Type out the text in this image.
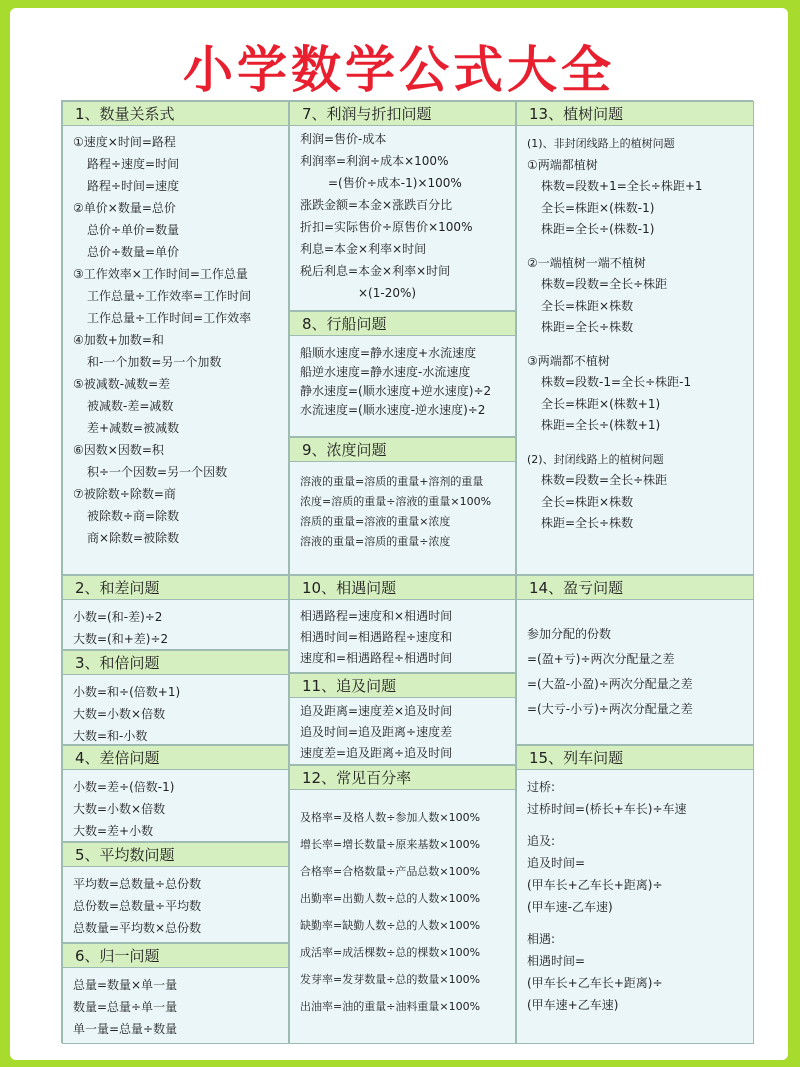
小学数学公式大全
1、数量关系式
①速度×时间=路程
路程÷速度=时间
路程÷时间=速度
②单价×数量=总价
总价÷单价=数量
总价÷数量=单价
③工作效率×工作时间=工作总量
工作总量÷工作效率=工作时间
工作总量÷工作时间=工作效率
④加数+加数=和
和-一个加数=另一个加数
⑤被减数-减数=差
被减数-差=减数
差+减数=被减数
⑥因数×因数=积
积÷一个因数=另一个因数
⑦被除数÷除数=商
被除数÷商=除数
商×除数=被除数
2、和差问题
小数=(和-差)÷2
大数=(和+差)÷2
3、和倍问题
小数=和÷(倍数+1)
大数=小数×倍数
大数=和-小数
4、差倍问题
小数=差÷(倍数-1)
大数=小数×倍数
大数=差+小数
5、平均数问题
平均数=总数量÷总份数
总份数=总数量÷平均数
总数量=平均数×总份数
6、归一问题
总量=数量×单一量
数量=总量÷单一量
单一量=总量÷数量
7、利润与折扣问题
利润=售价-成本
利润率=利润÷成本×100%
=(售价÷成本-1)×100%
涨跌金额=本金×涨跌百分比
折扣=实际售价÷原售价×100%
利息=本金×利率×时间
税后利息=本金×利率×时间
×(1-20%)
8、行船问题
船顺水速度=静水速度+水流速度
船逆水速度=静水速度-水流速度
静水速度=(顺水速度+逆水速度)÷2
水流速度=(顺水速度-逆水速度)÷2
9、浓度问题
溶液的重量=溶质的重量+溶剂的重量
浓度=溶质的重量÷溶液的重量×100%
溶质的重量=溶液的重量×浓度
溶液的重量=溶质的重量÷浓度
10、相遇问题
相遇路程=速度和×相遇时间
相遇时间=相遇路程÷速度和
速度和=相遇路程÷相遇时间
11、追及问题
追及距离=速度差×追及时间
追及时间=追及距离÷速度差
速度差=追及距离÷追及时间
12、常见百分率
及格率=及格人数÷参加人数×100%
增长率=增长数量÷原来基数×100%
合格率=合格数量÷产品总数×100%
出勤率=出勤人数÷总的人数×100%
缺勤率=缺勤人数÷总的人数×100%
成活率=成活棵数÷总的棵数×100%
发芽率=发芽数量÷总的数量×100%
出油率=油的重量÷油料重量×100%
13、植树问题
(1)、非封闭线路上的植树问题
①两端都植树
株数=段数+1=全长÷株距+1
全长=株距×(株数-1)
株距=全长÷(株数-1)
②一端植树一端不植树
株数=段数=全长÷株距
全长=株距×株数
株距=全长÷株数
③两端都不植树
株数=段数-1=全长÷株距-1
全长=株距×(株数+1)
株距=全长÷(株数+1)
(2)、封闭线路上的植树问题
株数=段数=全长÷株距
全长=株距×株数
株距=全长÷株数
14、盈亏问题
参加分配的份数
=(盈+亏)÷两次分配量之差
=(大盈-小盈)÷两次分配量之差
=(大亏-小亏)÷两次分配量之差
15、列车问题
过桥:
过桥时间=(桥长+车长)÷车速
追及:
追及时间=
(甲车长+乙车长+距离)÷
(甲车速-乙车速)
相遇:
相遇时间=
(甲车长+乙车长+距离)÷
(甲车速+乙车速)
